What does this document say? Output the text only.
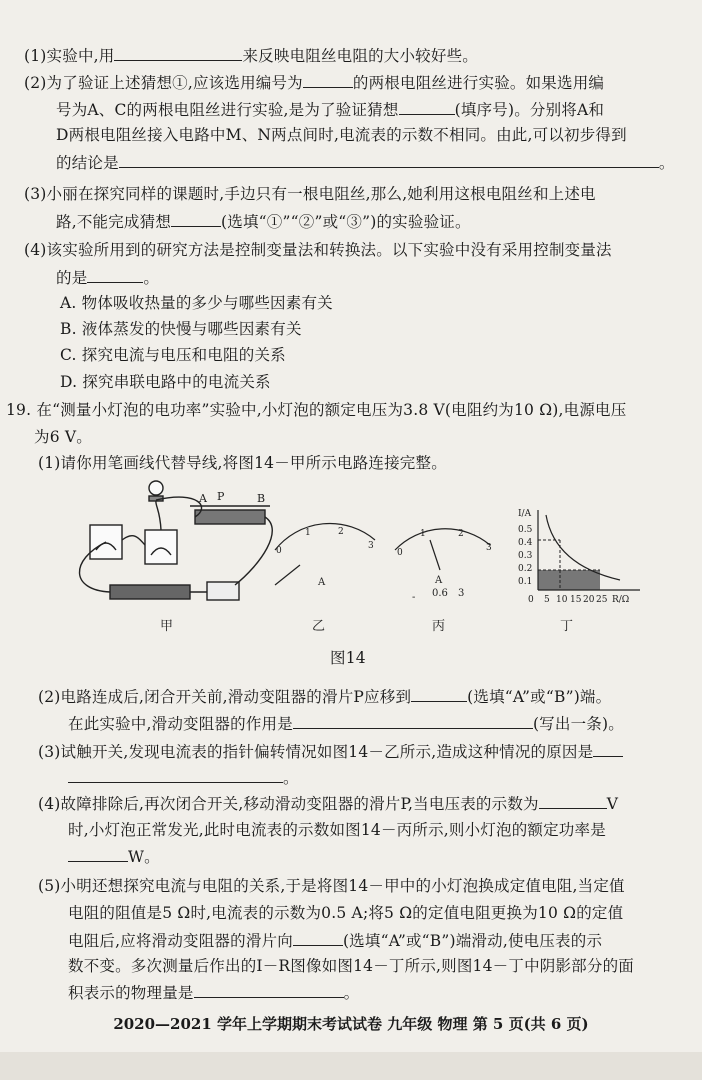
(1)实验中,用	来反映电阻丝电阻的大小较好些。
(2)为了验证上述猜想①,应该选用编号为	的两根电阻丝进行实验。如果选用编
号为A、C的两根电阻丝进行实验,是为了验证猜想	(填序号)。分别将A和
D两根电阻丝接入电路中M、N两点间时,电流表的示数不相同。由此,可以初步得到
的结论是	。
(3)小丽在探究同样的课题时,手边只有一根电阻丝,那么,她利用这根电阻丝和上述电
路,不能完成猜想	(选填“①”“②”或“③”)的实验验证。
(4)该实验所用到的研究方法是控制变量法和转换法。以下实验中没有采用控制变量法
的是	。
A. 物体吸收热量的多少与哪些因素有关
B. 液体蒸发的快慢与哪些因素有关
C. 探究电流与电压和电阻的关系
D. 探究串联电路中的电流关系
19. 在“测量小灯泡的电功率”实验中,小灯泡的额定电压为3.8 V(电阻约为10 Ω),电源电压
为6 V。
(1)请你用笔画线代替导线,将图14－甲所示电路连接完整。
(2)电路连成后,闭合开关前,滑动变阻器的滑片P应移到	(选填“A”或“B”)端。
在此实验中,滑动变阻器的作用是	(写出一条)。
(3)试触开关,发现电流表的指针偏转情况如图14－乙所示,造成这种情况的原因是
。
(4)故障排除后,再次闭合开关,移动滑动变阻器的滑片P,当电压表的示数为	V
时,小灯泡正常发光,此时电流表的示数如图14－丙所示,则小灯泡的额定功率是
W。
(5)小明还想探究电流与电阻的关系,于是将图14－甲中的小灯泡换成定值电阻,当定值
电阻的阻值是5 Ω时,电流表的示数为0.5 A;将5 Ω的定值电阻更换为10 Ω的定值
电阻后,应将滑动变阻器的滑片向	(选填“A”或“B”)端滑动,使电压表的示
数不变。多次测量后作出的I－R图像如图14－丁所示,则图14－丁中阴影部分的面
积表示的物理量是	。
A P	B
甲
0
1	2
3
A
乙
0
1	2
3
A
- 0.6 3
丙
I/A
0.5
0.4
0.3
0.2
0.1
0 5 10 15 20 25 R/Ω
丁
图14
2020—2021 学年上学期期末考试试卷 九年级 物理 第 5 页(共 6 页)
